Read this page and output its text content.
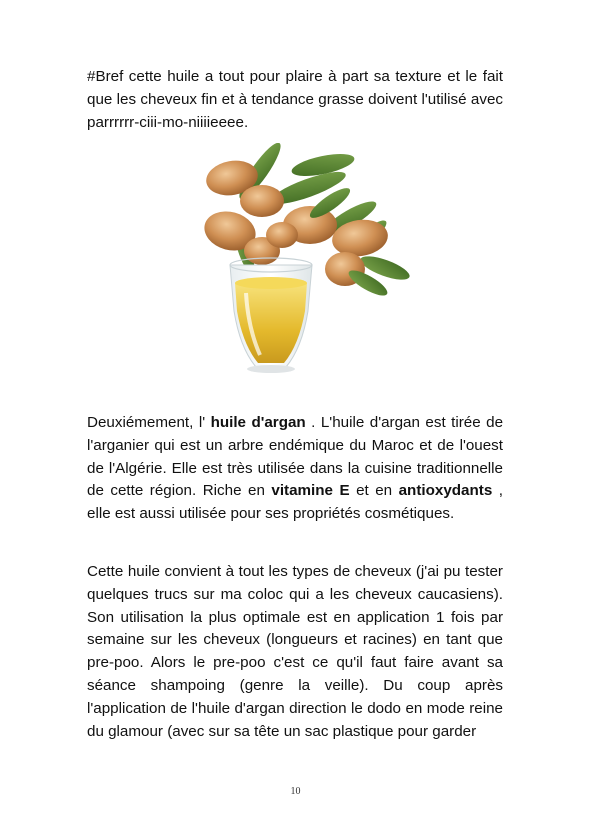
#Bref cette huile a tout pour plaire à part sa texture et le fait que les cheveux fin et à tendance grasse doivent l'utilisé avec parrrrrr-ciii-mo-niiiieeee.

Deuxiémement, l' huile d'argan . L'huile d'argan est tirée de l'arganier qui est un arbre endémique du Maroc et de l'ouest de l'Algérie. Elle est très utilisée dans la cuisine traditionnelle de cette région. Riche en vitamine E et en antioxydants , elle est aussi utilisée pour ses propriétés cosmétiques.

Cette huile convient à tout les types de cheveux (j'ai pu tester quelques trucs sur ma coloc qui a les cheveux caucasiens). Son utilisation la plus optimale est en application 1 fois par semaine sur les cheveux (longueurs et racines) en tant que pre-poo. Alors le pre-poo c'est ce qu'il faut faire avant sa séance shampoing (genre la veille). Du coup après l'application de l'huile d'argan direction le dodo en mode reine du glamour (avec sur sa tête un sac plastique pour garder

10
